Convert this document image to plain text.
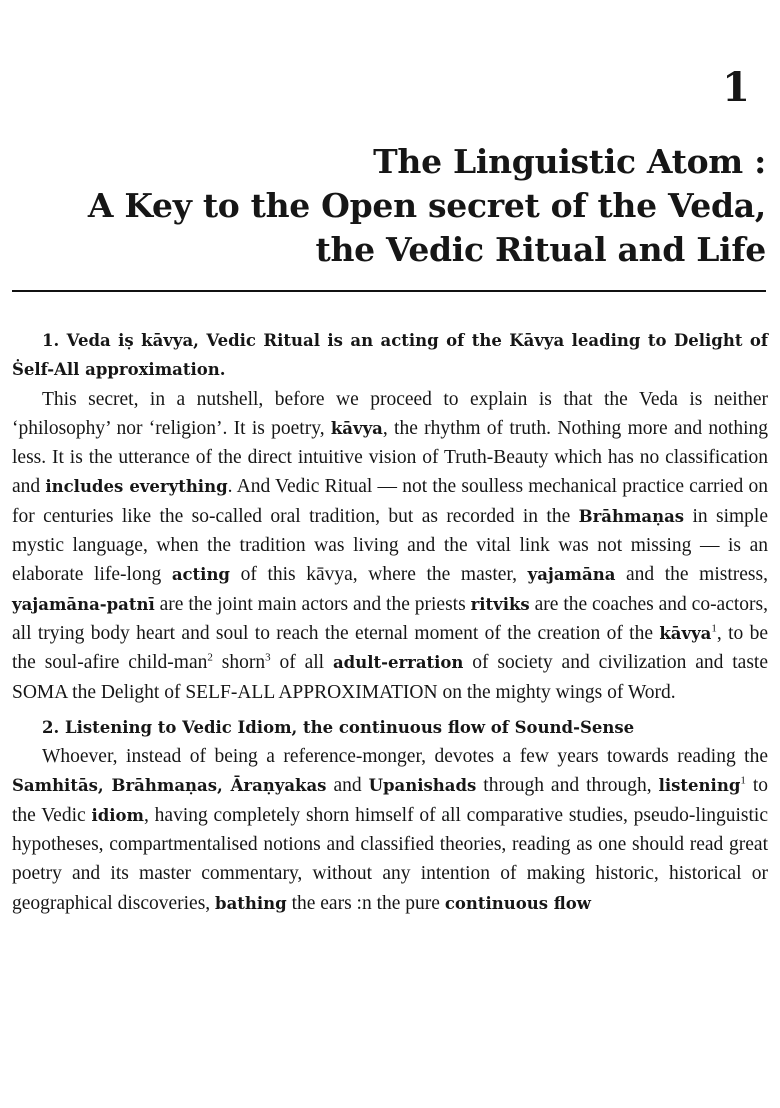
1
The Linguistic Atom :
A Key to the Open secret of the Veda,
the Vedic Ritual and Life

1. Veda iṣ kāvya, Vedic Ritual is an acting of the Kāvya leading to Delight of Ṡelf-All approximation.

This secret, in a nutshell, before we proceed to explain is that the Veda is neither ‘philosophy’ nor ‘religion’. It is poetry, kāvya, the rhythm of truth. Nothing more and nothing less. It is the utterance of the direct intuitive vision of Truth-Beauty which has no classification and includes everything. And Vedic Ritual — not the soulless mechanical practice carried on for centuries like the so-called oral tradition, but as recorded in the Brāhmaṇas in simple mystic language, when the tradition was living and the vital link was not missing — is an elaborate life-long acting of this kāvya, where the master, yajamāna and the mistress, yajamāna-patnī are the joint main actors and the priests ritviks are the coaches and co-actors, all trying body heart and soul to reach the eternal moment of the creation of the kāvya$^1$, to be the soul-afire child-man$^2$ shorn$^3$ of all adult-erration of society and civilization and taste SOMA the Delight of SELF-ALL APPROXIMATION on the mighty wings of Word.

2. Listening to Vedic Idiom, the continuous flow of Sound-Sense

Whoever, instead of being a reference-monger, devotes a few years towards reading the Samhitās, Brāhmaṇas, Āraṇyakas and Upanishads through and through, listening$^1$ to the Vedic idiom, having completely shorn himself of all comparative studies, pseudo-linguistic hypotheses, compartmentalised notions and classified theories, reading as one should read great poetry and its master commentary, without any intention of making historic, historical or geographical discoveries, bathing the ears :n the pure continuous flow
